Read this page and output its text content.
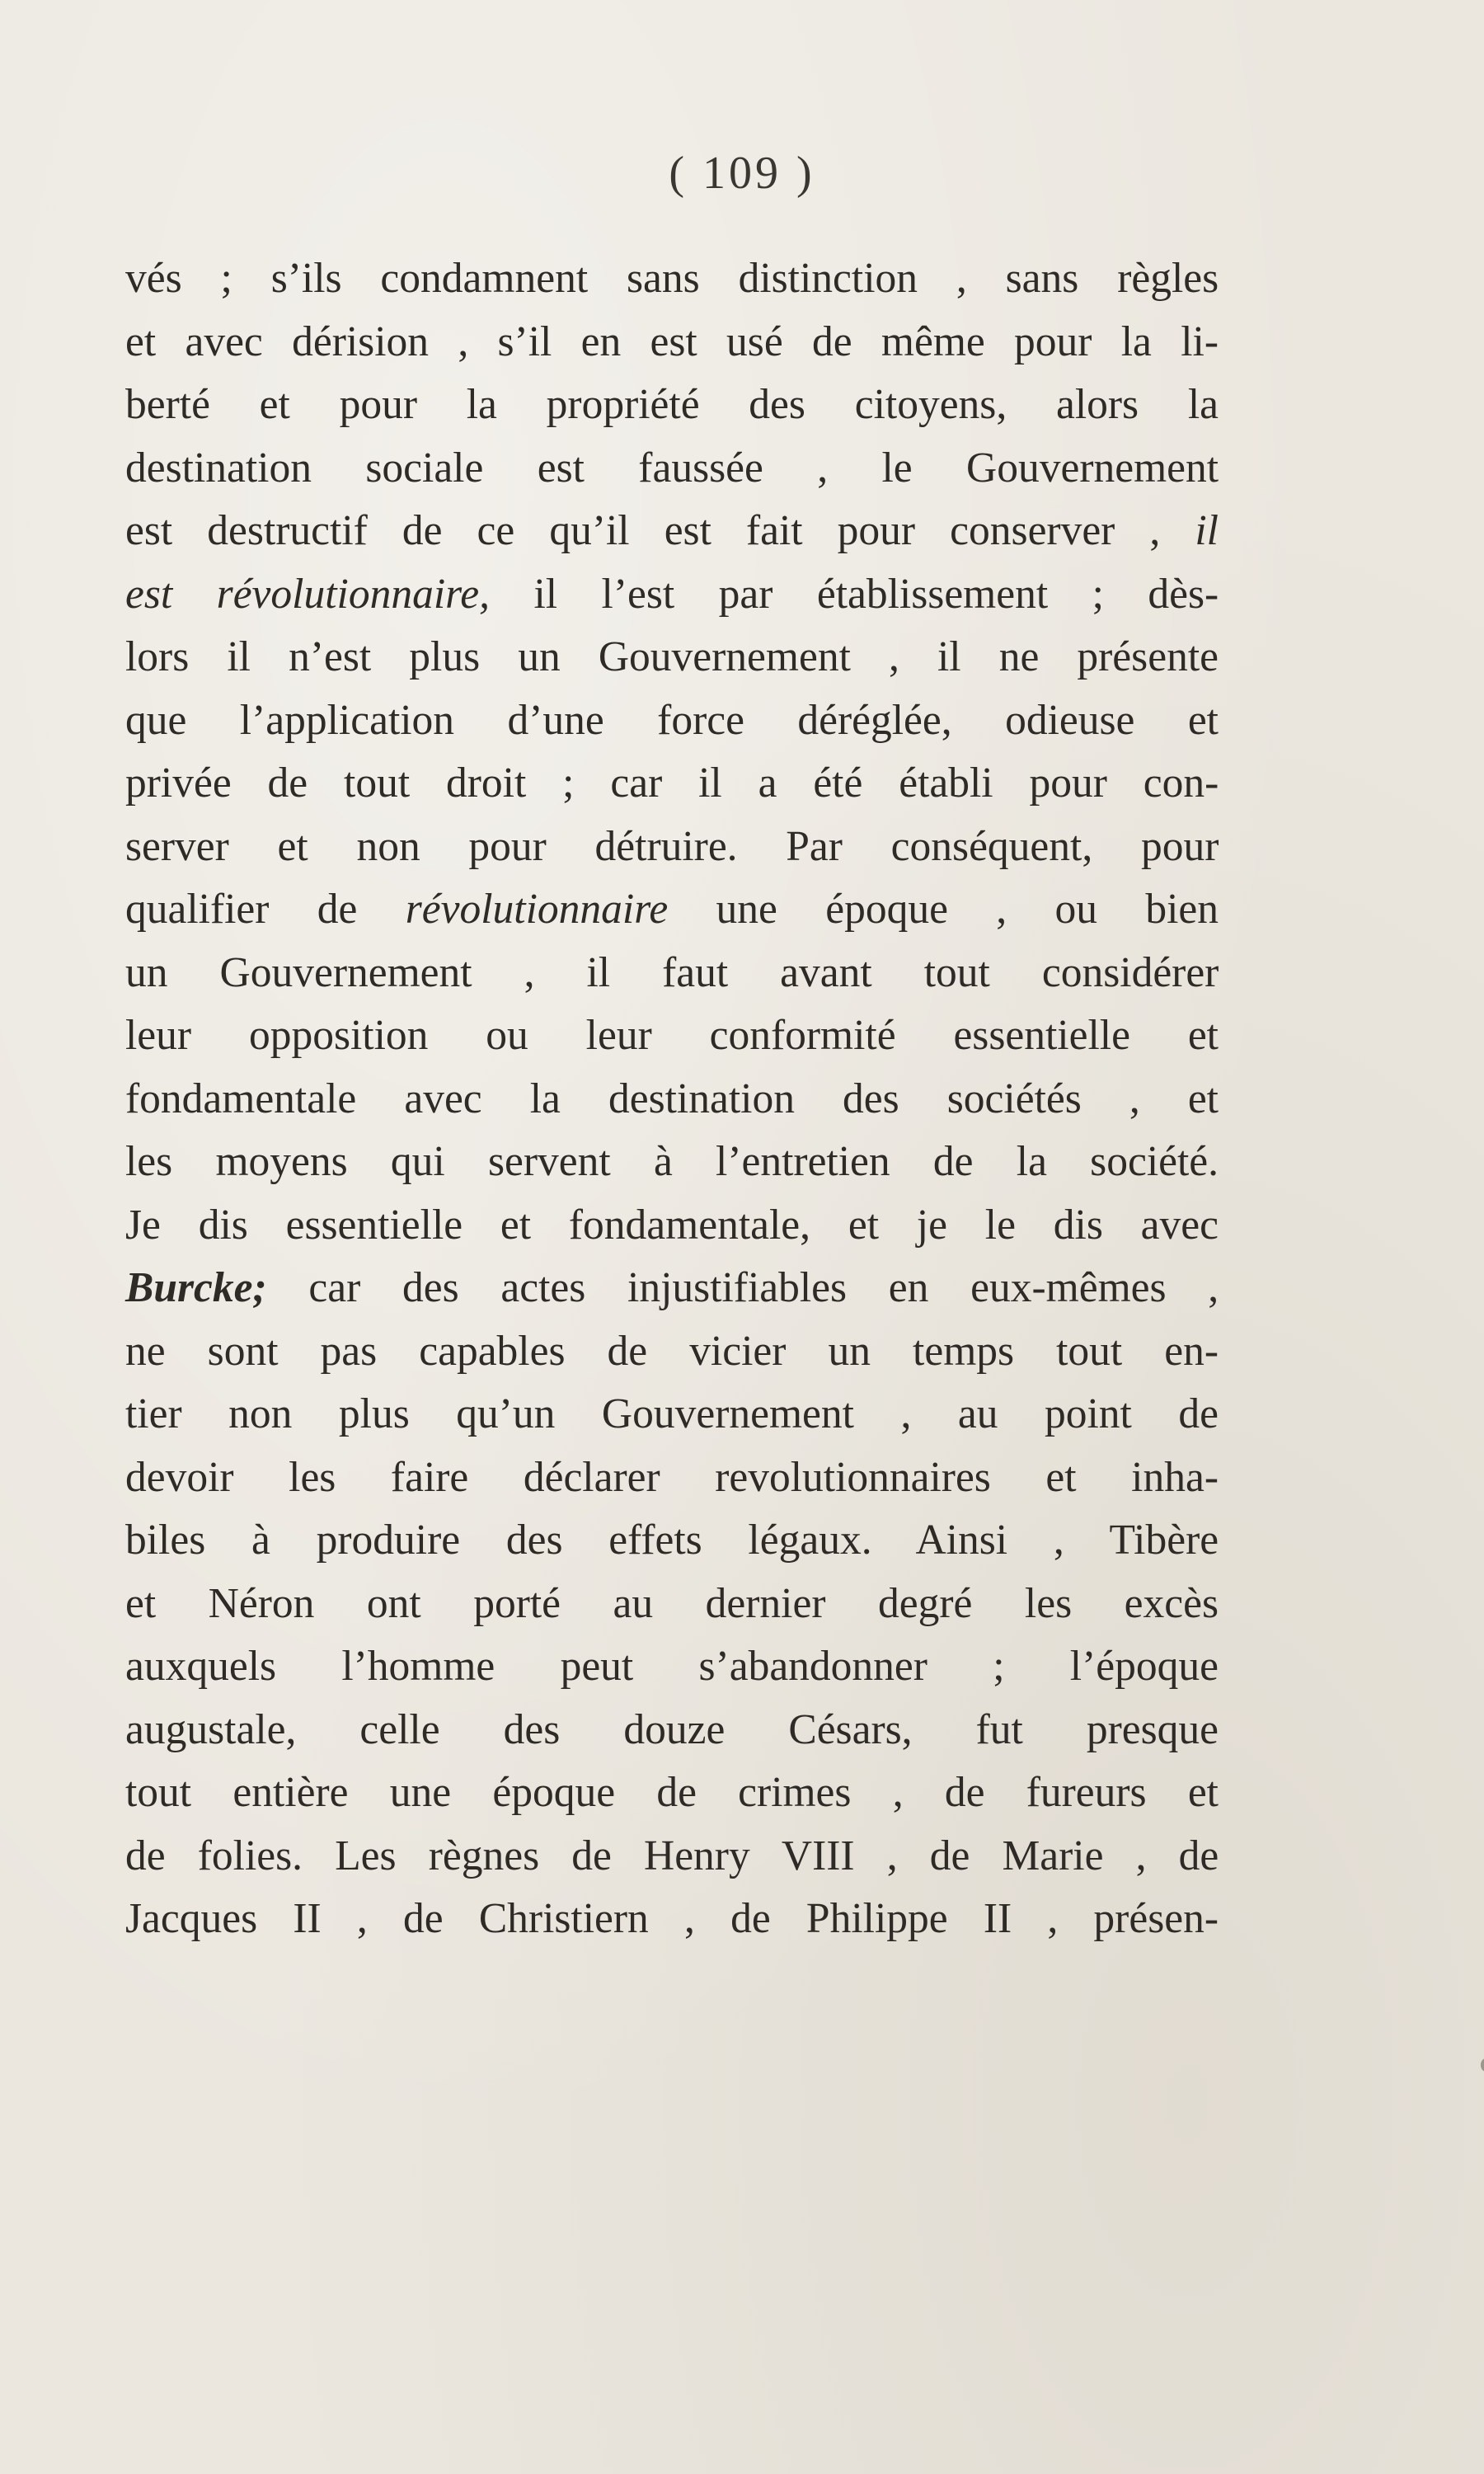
( 109 )
vés ; s’ils condamnent sans distinction , sans règles
et avec dérision , s’il en est usé de même pour la li-
berté et pour la propriété des citoyens, alors la
destination sociale est faussée , le Gouvernement
est destructif de ce qu’il est fait pour conserver , il
est révolutionnaire, il l’est par établissement ; dès-
lors il n’est plus un Gouvernement , il ne présente
que l’application d’une force déréglée, odieuse et
privée de tout droit ; car il a été établi pour con-
server et non pour détruire. Par conséquent, pour
qualifier de révolutionnaire une époque , ou bien
un Gouvernement , il faut avant tout considérer
leur opposition ou leur conformité essentielle et
fondamentale avec la destination des sociétés , et
les moyens qui servent à l’entretien de la société.
Je dis essentielle et fondamentale, et je le dis avec
Burcke; car des actes injustifiables en eux-mêmes ,
ne sont pas capables de vicier un temps tout en-
tier non plus qu’un Gouvernement , au point de
devoir les faire déclarer revolutionnaires et inha-
biles à produire des effets légaux. Ainsi , Tibère
et Néron ont porté au dernier degré les excès
auxquels l’homme peut s’abandonner ; l’époque
augustale, celle des douze Césars, fut presque
tout entière une époque de crimes , de fureurs et
de folies. Les règnes de Henry VIII , de Marie , de
Jacques II , de Christiern , de Philippe II , présen-
